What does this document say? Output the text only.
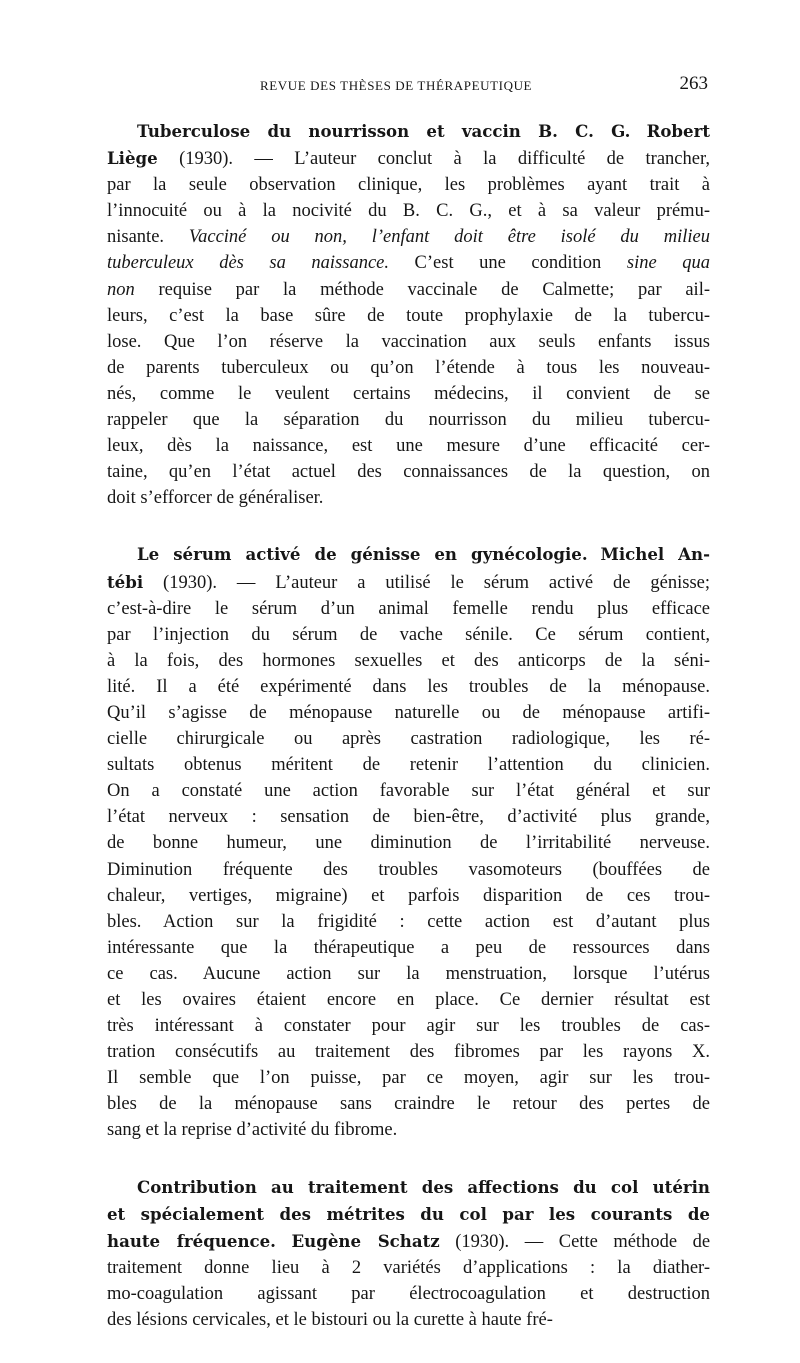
REVUE DES THÈSES DE THÉRAPEUTIQUE	263
Tuberculose du nourrisson et vaccin B. C. G. Robert
Liège (1930). — L’auteur conclut à la difficulté de trancher,
par la seule observation clinique, les problèmes ayant trait à
l’innocuité ou à la nocivité du B. C. G., et à sa valeur prému-
nisante. Vacciné ou non, l’enfant doit être isolé du milieu
tuberculeux dès sa naissance. C’est une condition sine qua
non requise par la méthode vaccinale de Calmette; par ail-
leurs, c’est la base sûre de toute prophylaxie de la tubercu-
lose. Que l’on réserve la vaccination aux seuls enfants issus
de parents tuberculeux ou qu’on l’étende à tous les nouveau-
nés, comme le veulent certains médecins, il convient de se
rappeler que la séparation du nourrisson du milieu tubercu-
leux, dès la naissance, est une mesure d’une efficacité cer-
taine, qu’en l’état actuel des connaissances de la question, on
doit s’efforcer de généraliser.
Le sérum activé de génisse en gynécologie. Michel An-
tébi (1930). — L’auteur a utilisé le sérum activé de génisse;
c’est-à-dire le sérum d’un animal femelle rendu plus efficace
par l’injection du sérum de vache sénile. Ce sérum contient,
à la fois, des hormones sexuelles et des anticorps de la séni-
lité. Il a été expérimenté dans les troubles de la ménopause.
Qu’il s’agisse de ménopause naturelle ou de ménopause artifi-
cielle chirurgicale ou après castration radiologique, les ré-
sultats obtenus méritent de retenir l’attention du clinicien.
On a constaté une action favorable sur l’état général et sur
l’état nerveux : sensation de bien-être, d’activité plus grande,
de bonne humeur, une diminution de l’irritabilité nerveuse.
Diminution fréquente des troubles vasomoteurs (bouffées de
chaleur, vertiges, migraine) et parfois disparition de ces trou-
bles. Action sur la frigidité : cette action est d’autant plus
intéressante que la thérapeutique a peu de ressources dans
ce cas. Aucune action sur la menstruation, lorsque l’utérus
et les ovaires étaient encore en place. Ce dernier résultat est
très intéressant à constater pour agir sur les troubles de cas-
tration consécutifs au traitement des fibromes par les rayons X.
Il semble que l’on puisse, par ce moyen, agir sur les trou-
bles de la ménopause sans craindre le retour des pertes de
sang et la reprise d’activité du fibrome.
Contribution au traitement des affections du col utérin
et spécialement des métrites du col par les courants de
haute fréquence. Eugène Schatz (1930). — Cette méthode de
traitement donne lieu à 2 variétés d’applications : la diather-
mo-coagulation agissant par électrocoagulation et destruction
des lésions cervicales, et le bistouri ou la curette à haute fré-
